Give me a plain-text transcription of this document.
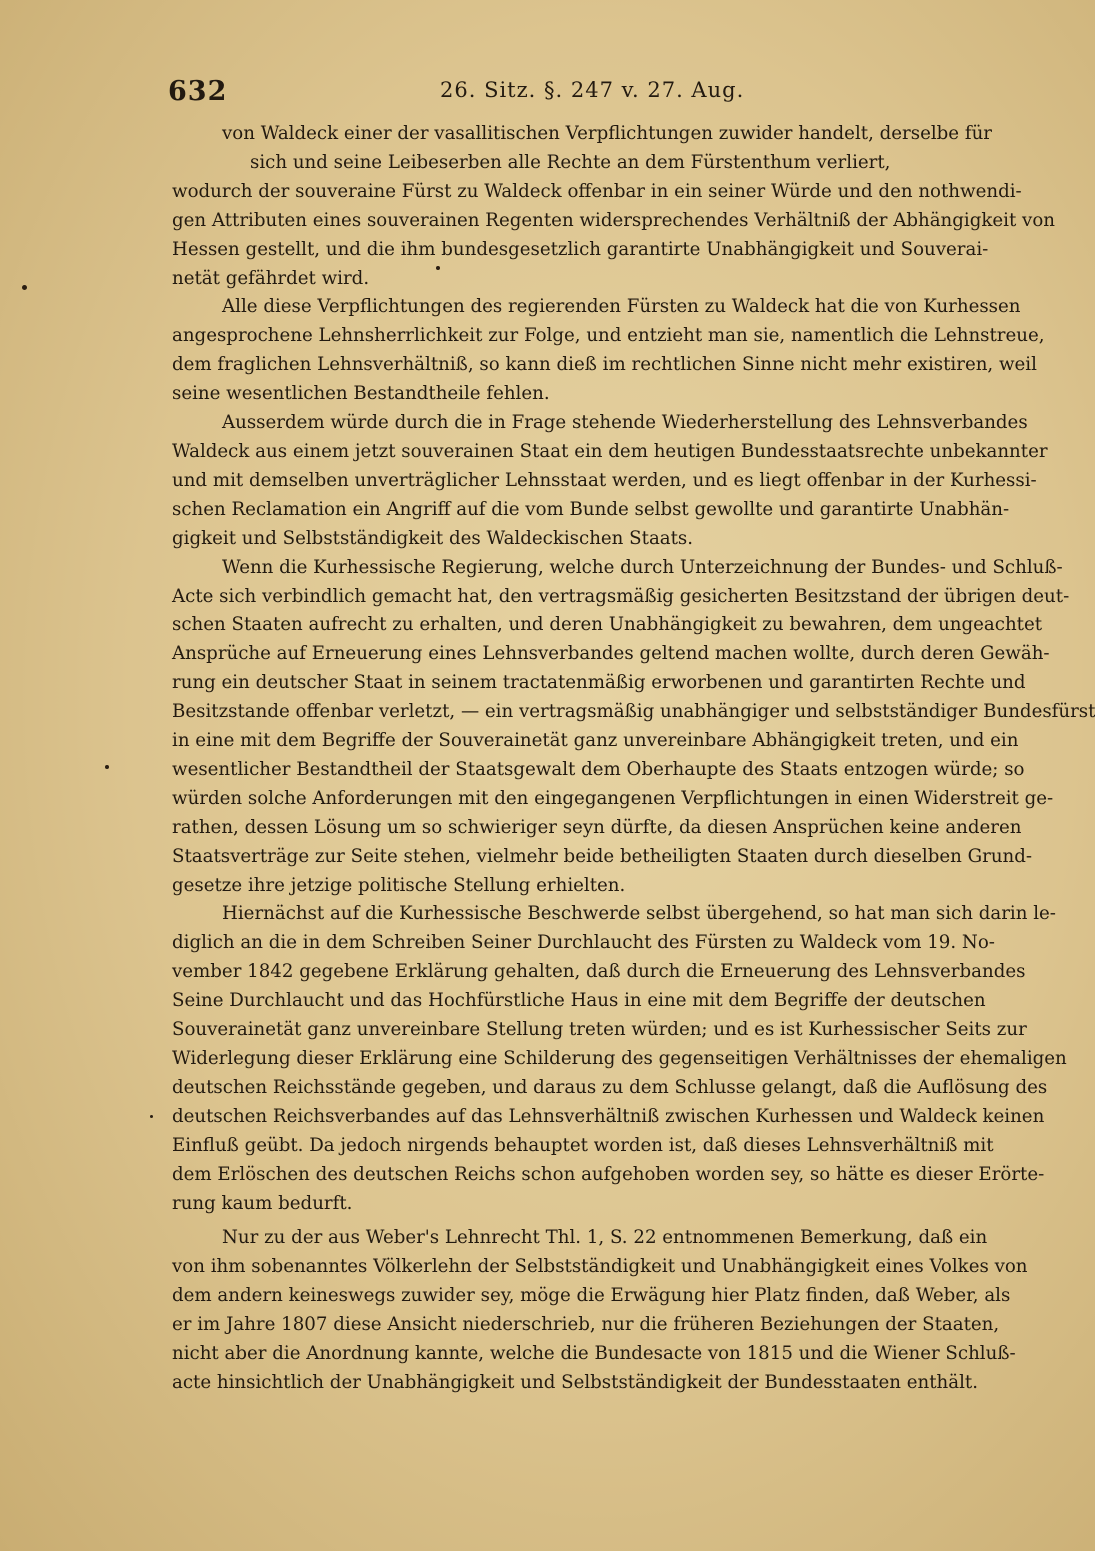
632	26. Sitz. §. 247 v. 27. Aug.
von Waldeck einer der vasallitischen Verpflichtungen zuwider handelt, derselbe für
sich und seine Leibeserben alle Rechte an dem Fürstenthum verliert,
wodurch der souveraine Fürst zu Waldeck offenbar in ein seiner Würde und den nothwendi-
gen Attributen eines souverainen Regenten widersprechendes Verhältniß der Abhängigkeit von
Hessen gestellt, und die ihm bundesgesetzlich garantirte Unabhängigkeit und Souverai-
netät gefährdet wird.
Alle diese Verpflichtungen des regierenden Fürsten zu Waldeck hat die von Kurhessen
angesprochene Lehnsherrlichkeit zur Folge, und entzieht man sie, namentlich die Lehnstreue,
dem fraglichen Lehnsverhältniß, so kann dieß im rechtlichen Sinne nicht mehr existiren, weil
seine wesentlichen Bestandtheile fehlen.
Ausserdem würde durch die in Frage stehende Wiederherstellung des Lehnsverbandes
Waldeck aus einem jetzt souverainen Staat ein dem heutigen Bundesstaatsrechte unbekannter
und mit demselben unverträglicher Lehnsstaat werden, und es liegt offenbar in der Kurhessi-
schen Reclamation ein Angriff auf die vom Bunde selbst gewollte und garantirte Unabhän-
gigkeit und Selbstständigkeit des Waldeckischen Staats.
Wenn die Kurhessische Regierung, welche durch Unterzeichnung der Bundes- und Schluß-
Acte sich verbindlich gemacht hat, den vertragsmäßig gesicherten Besitzstand der übrigen deut-
schen Staaten aufrecht zu erhalten, und deren Unabhängigkeit zu bewahren, dem ungeachtet
Ansprüche auf Erneuerung eines Lehnsverbandes geltend machen wollte, durch deren Gewäh-
rung ein deutscher Staat in seinem tractatenmäßig erworbenen und garantirten Rechte und
Besitzstande offenbar verletzt, — ein vertragsmäßig unabhängiger und selbstständiger Bundesfürst
in eine mit dem Begriffe der Souverainetät ganz unvereinbare Abhängigkeit treten, und ein
wesentlicher Bestandtheil der Staatsgewalt dem Oberhaupte des Staats entzogen würde; so
würden solche Anforderungen mit den eingegangenen Verpflichtungen in einen Widerstreit ge-
rathen, dessen Lösung um so schwieriger seyn dürfte, da diesen Ansprüchen keine anderen
Staatsverträge zur Seite stehen, vielmehr beide betheiligten Staaten durch dieselben Grund-
gesetze ihre jetzige politische Stellung erhielten.
Hiernächst auf die Kurhessische Beschwerde selbst übergehend, so hat man sich darin le-
diglich an die in dem Schreiben Seiner Durchlaucht des Fürsten zu Waldeck vom 19. No-
vember 1842 gegebene Erklärung gehalten, daß durch die Erneuerung des Lehnsverbandes
Seine Durchlaucht und das Hochfürstliche Haus in eine mit dem Begriffe der deutschen
Souverainetät ganz unvereinbare Stellung treten würden; und es ist Kurhessischer Seits zur
Widerlegung dieser Erklärung eine Schilderung des gegenseitigen Verhältnisses der ehemaligen
deutschen Reichsstände gegeben, und daraus zu dem Schlusse gelangt, daß die Auflösung des
deutschen Reichsverbandes auf das Lehnsverhältniß zwischen Kurhessen und Waldeck keinen
Einfluß geübt. Da jedoch nirgends behauptet worden ist, daß dieses Lehnsverhältniß mit
dem Erlöschen des deutschen Reichs schon aufgehoben worden sey, so hätte es dieser Erörte-
rung kaum bedurft.
Nur zu der aus Weber's Lehnrecht Thl. 1, S. 22 entnommenen Bemerkung, daß ein
von ihm sobenanntes Völkerlehn der Selbstständigkeit und Unabhängigkeit eines Volkes von
dem andern keineswegs zuwider sey, möge die Erwägung hier Platz finden, daß Weber, als
er im Jahre 1807 diese Ansicht niederschrieb, nur die früheren Beziehungen der Staaten,
nicht aber die Anordnung kannte, welche die Bundesacte von 1815 und die Wiener Schluß-
acte hinsichtlich der Unabhängigkeit und Selbstständigkeit der Bundesstaaten enthält.
